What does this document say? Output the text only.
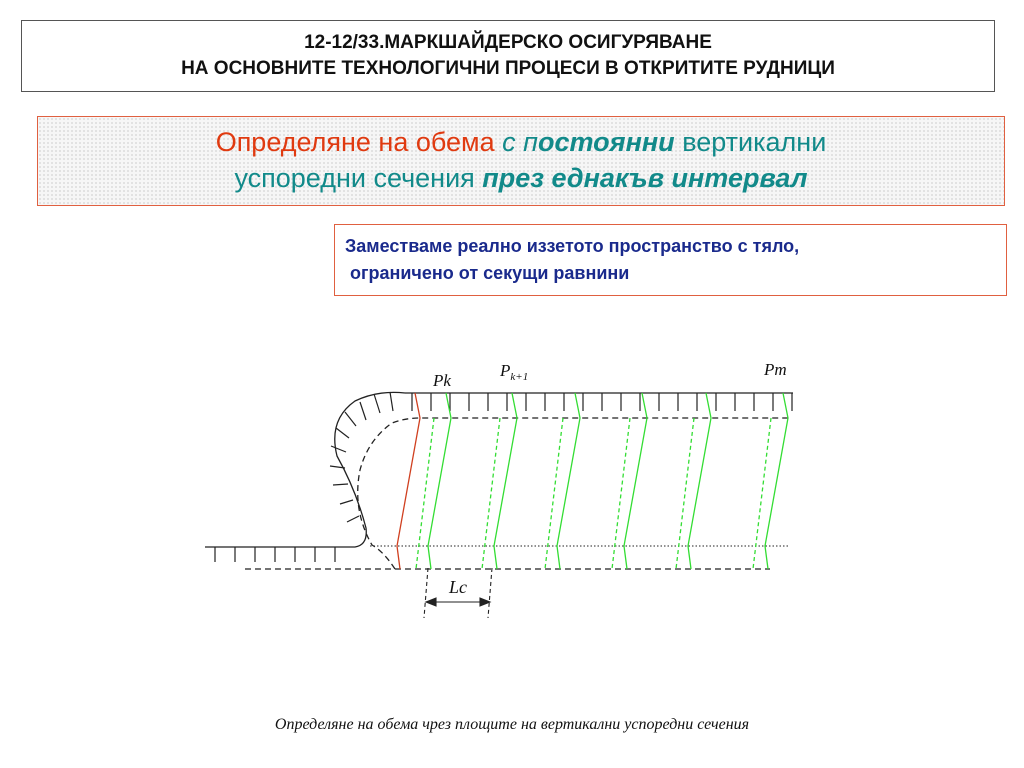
12-12/33.МАРКШАЙДЕРСКО ОСИГУРЯВАНЕ
НА ОСНОВНИТЕ ТЕХНОЛОГИЧНИ ПРОЦЕСИ В ОТКРИТИТЕ РУДНИЦИ
Определяне на обема с постоянни вертикални
успоредни сечения през еднакъв интервал
Заместваме реално иззетото пространство с тяло,
ограничено от секущи равнини
Pk
$P_{k+1}$	Pm
Lc
Определяне на обема чрез площите на вертикални успоредни сечения
